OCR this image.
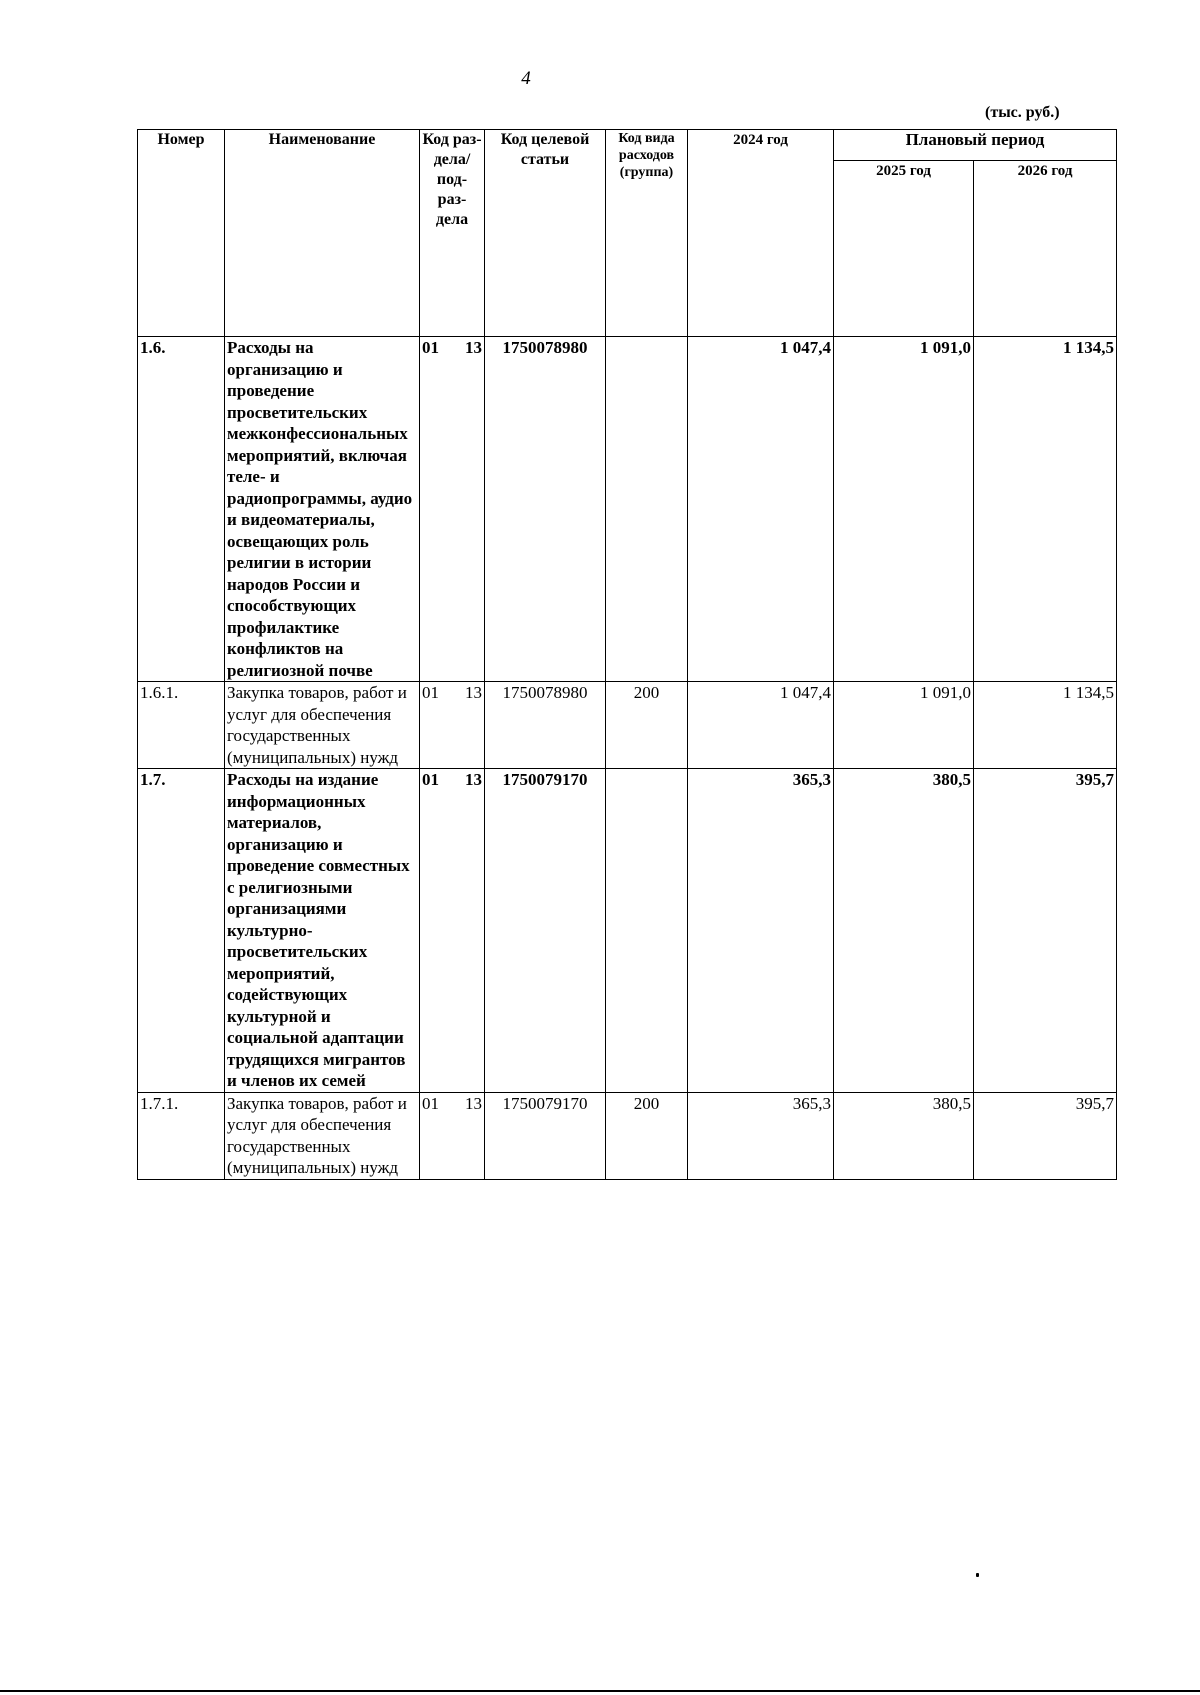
4
(тыс. руб.)
Номер	Наименование	Код раз- дела/ под- раз- дела	Код целевой статьи	Код вида расходов (группа)	2024 год	Плановый период	
						2025 год	2026 год
1.6.	Расходы на организацию и проведение просветительских межконфессиональных мероприятий, включая теле- и радиопрограммы, аудио и видеоматериалы, освещающих роль религии в истории народов России и способствующих профилактике конфликтов на религиозной почве	01 13	1750078980		1 047,4	1 091,0	1 134,5
1.6.1.	Закупка товаров, работ и услуг для обеспечения государственных (муниципальных) нужд	01 13	1750078980	200	1 047,4	1 091,0	1 134,5
1.7.	Расходы на издание информационных материалов, организацию и проведение совместных с религиозными организациями культурно-просветительских мероприятий, содействующих культурной и социальной адаптации трудящихся мигрантов и членов их семей	01 13	1750079170		365,3	380,5	395,7
1.7.1.	Закупка товаров, работ и услуг для обеспечения государственных (муниципальных) нужд	01 13	1750079170	200	365,3	380,5	395,7
